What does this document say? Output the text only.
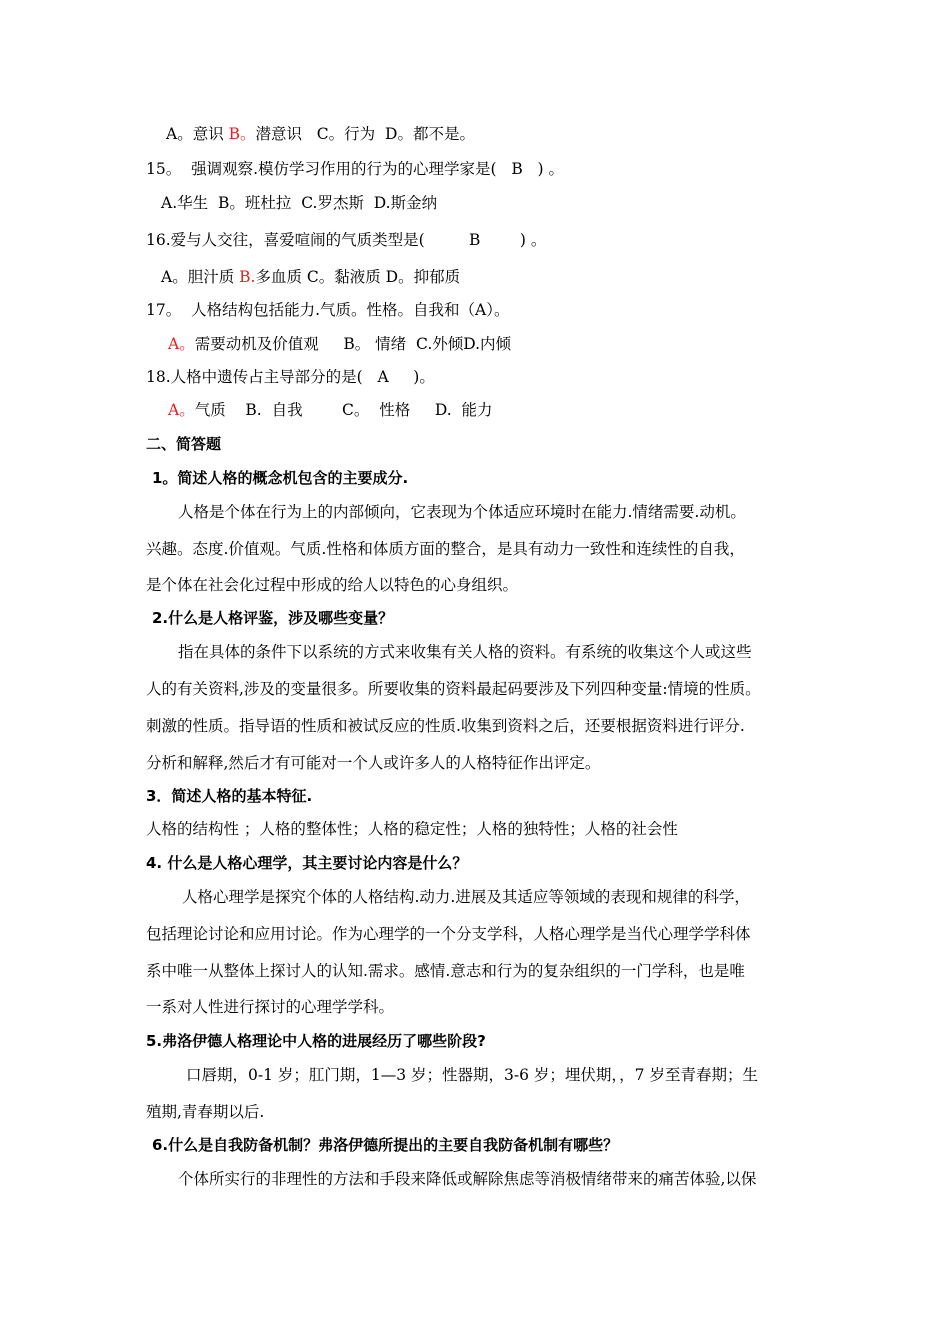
A。意识 B。潜意识   C。行为  D。都不是。
15。  强调观察.模仿学习作用的行为的心理学家是(   B   ) 。
A.华生  B。班杜拉  C.罗杰斯  D.斯金纳
16.爱与人交往，喜爱喧闹的气质类型是(         B        ) 。
A。胆汁质 B.多血质 C。黏液质 D。抑郁质
17。  人格结构包括能力.气质。性格。自我和（A）。
A。需要动机及价值观     B。 情绪  C.外倾D.内倾
18.人格中遗传占主导部分的是(   A     )。
A。气质    B.  自我        C。  性格     D.  能力
二、简答题
1。简述人格的概念机包含的主要成分.
人格是个体在行为上的内部倾向，它表现为个体适应环境时在能力.情绪需要.动机。
兴趣。态度.价值观。气质.性格和体质方面的整合，是具有动力一致性和连续性的自我，
是个体在社会化过程中形成的给人以特色的心身组织。
2.什么是人格评鉴，涉及哪些变量？
指在具体的条件下以系统的方式来收集有关人格的资料。有系统的收集这个人或这些
人的有关资料,涉及的变量很多。所要收集的资料最起码要涉及下列四种变量:情境的性质。
刺激的性质。指导语的性质和被试反应的性质.收集到资料之后，还要根据资料进行评分.
分析和解释,然后才有可能对一个人或许多人的人格特征作出评定。
3．简述人格的基本特征.
人格的结构性 ；人格的整体性；人格的稳定性；人格的独特性；人格的社会性
4. 什么是人格心理学，其主要讨论内容是什么？
人格心理学是探究个体的人格结构.动力.进展及其适应等领域的表现和规律的科学，
包括理论讨论和应用讨论。作为心理学的一个分支学科，人格心理学是当代心理学学科体
系中唯一从整体上探讨人的认知.需求。感情.意志和行为的复杂组织的一门学科，也是唯
一系对人性进行探讨的心理学学科。
5.弗洛伊德人格理论中人格的进展经历了哪些阶段?
口唇期，0-1 岁；肛门期，1—3 岁；性器期，3-6 岁；埋伏期，，7 岁至青春期；生
殖期,青春期以后.
6.什么是自我防备机制？弗洛伊德所提出的主要自我防备机制有哪些？
个体所实行的非理性的方法和手段来降低或解除焦虑等消极情绪带来的痛苦体验,以保
